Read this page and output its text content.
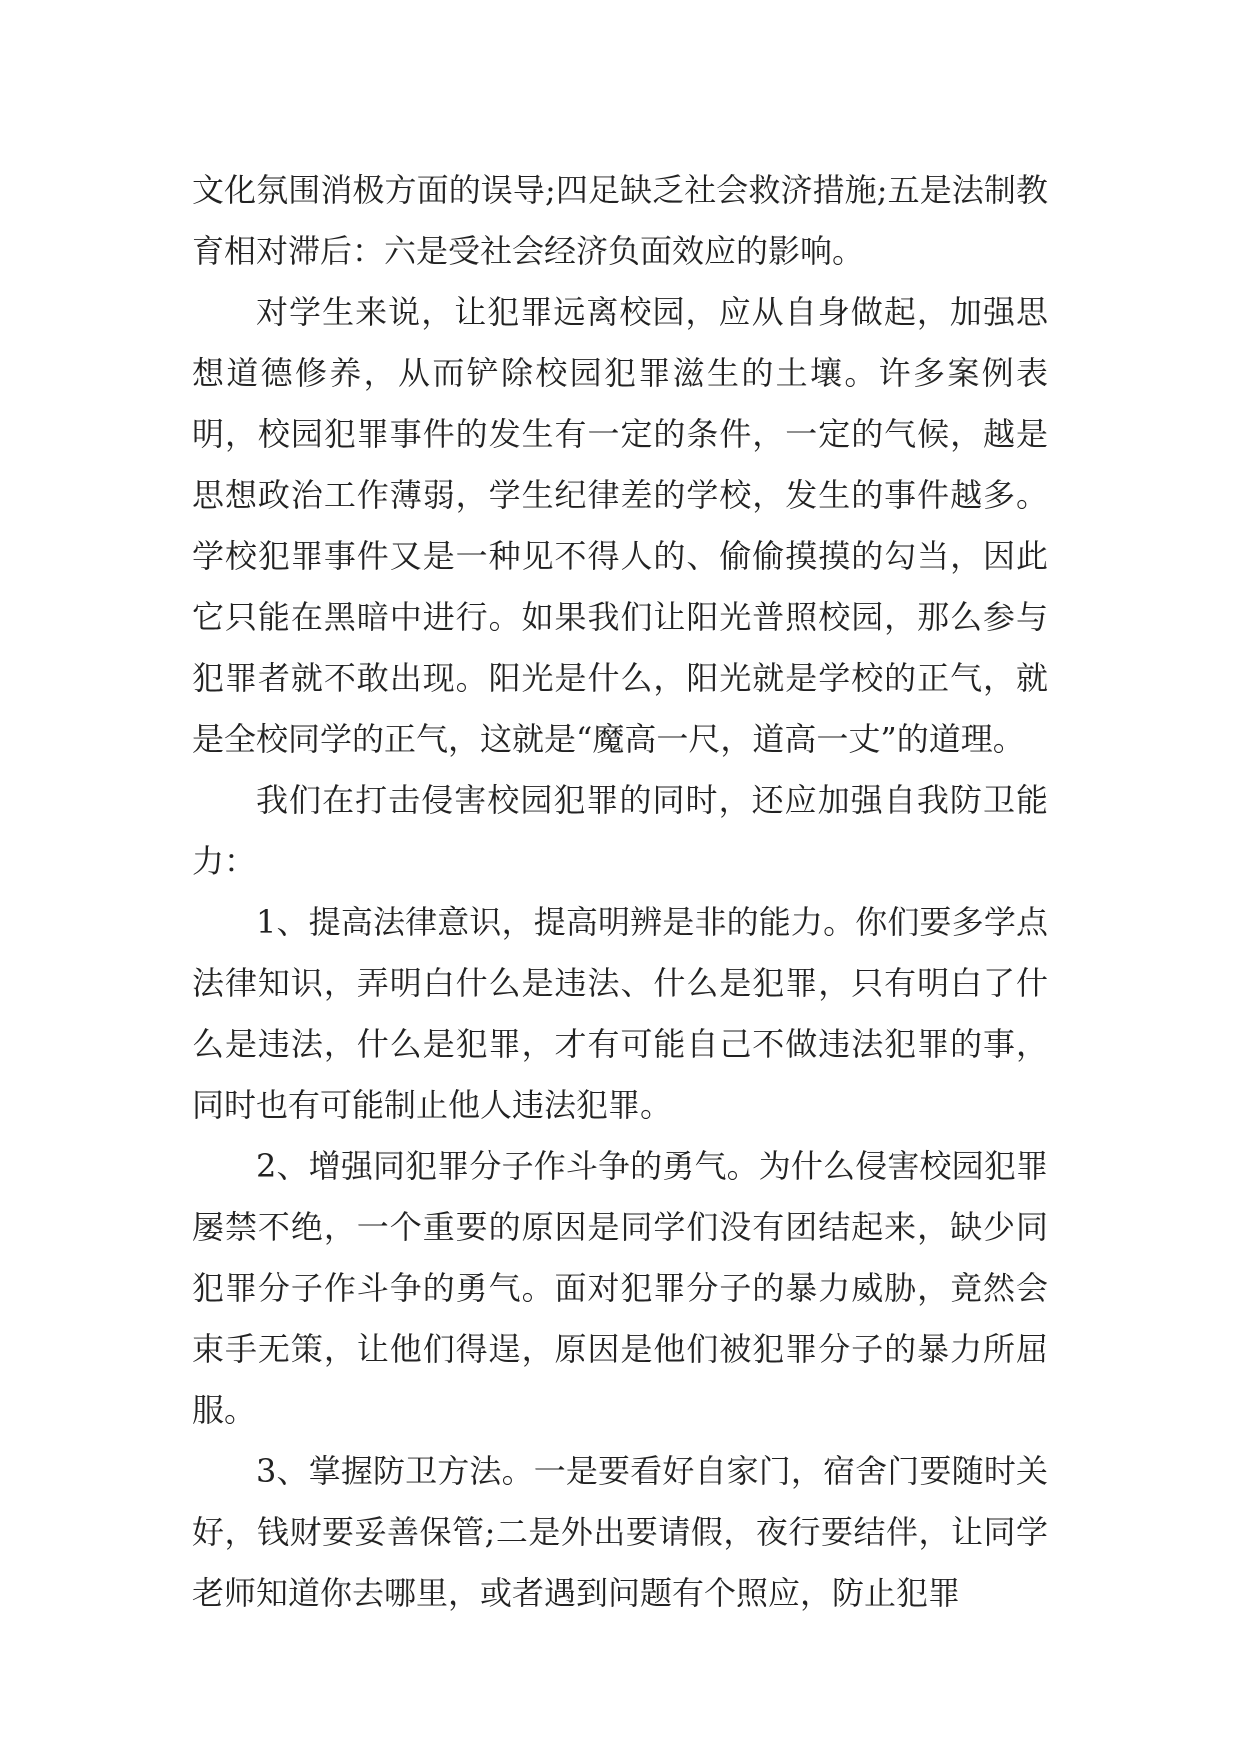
文化氛围消极方面的误导;四足缺乏社会救济措施;五是法制教育相对滞后：六是受社会经济负面效应的影响。

对学生来说，让犯罪远离校园，应从自身做起，加强思想道德修养，从而铲除校园犯罪滋生的土壤。许多案例表明，校园犯罪事件的发生有一定的条件，一定的气候，越是思想政治工作薄弱，学生纪律差的学校，发生的事件越多。学校犯罪事件又是一种见不得人的、偷偷摸摸的勾当，因此它只能在黑暗中进行。如果我们让阳光普照校园，那么参与犯罪者就不敢出现。阳光是什么，阳光就是学校的正气，就是全校同学的正气，这就是“魔高一尺，道高一丈”的道理。

我们在打击侵害校园犯罪的同时，还应加强自我防卫能力：

1、提高法律意识，提高明辨是非的能力。你们要多学点法律知识，弄明白什么是违法、什么是犯罪，只有明白了什么是违法，什么是犯罪，才有可能自己不做违法犯罪的事，同时也有可能制止他人违法犯罪。

2、增强同犯罪分子作斗争的勇气。为什么侵害校园犯罪屡禁不绝，一个重要的原因是同学们没有团结起来，缺少同犯罪分子作斗争的勇气。面对犯罪分子的暴力威胁，竟然会束手无策，让他们得逞，原因是他们被犯罪分子的暴力所屈服。

3、掌握防卫方法。一是要看好自家门，宿舍门要随时关好，钱财要妥善保管;二是外出要请假，夜行要结伴，让同学老师知道你去哪里，或者遇到问题有个照应，防止犯罪
